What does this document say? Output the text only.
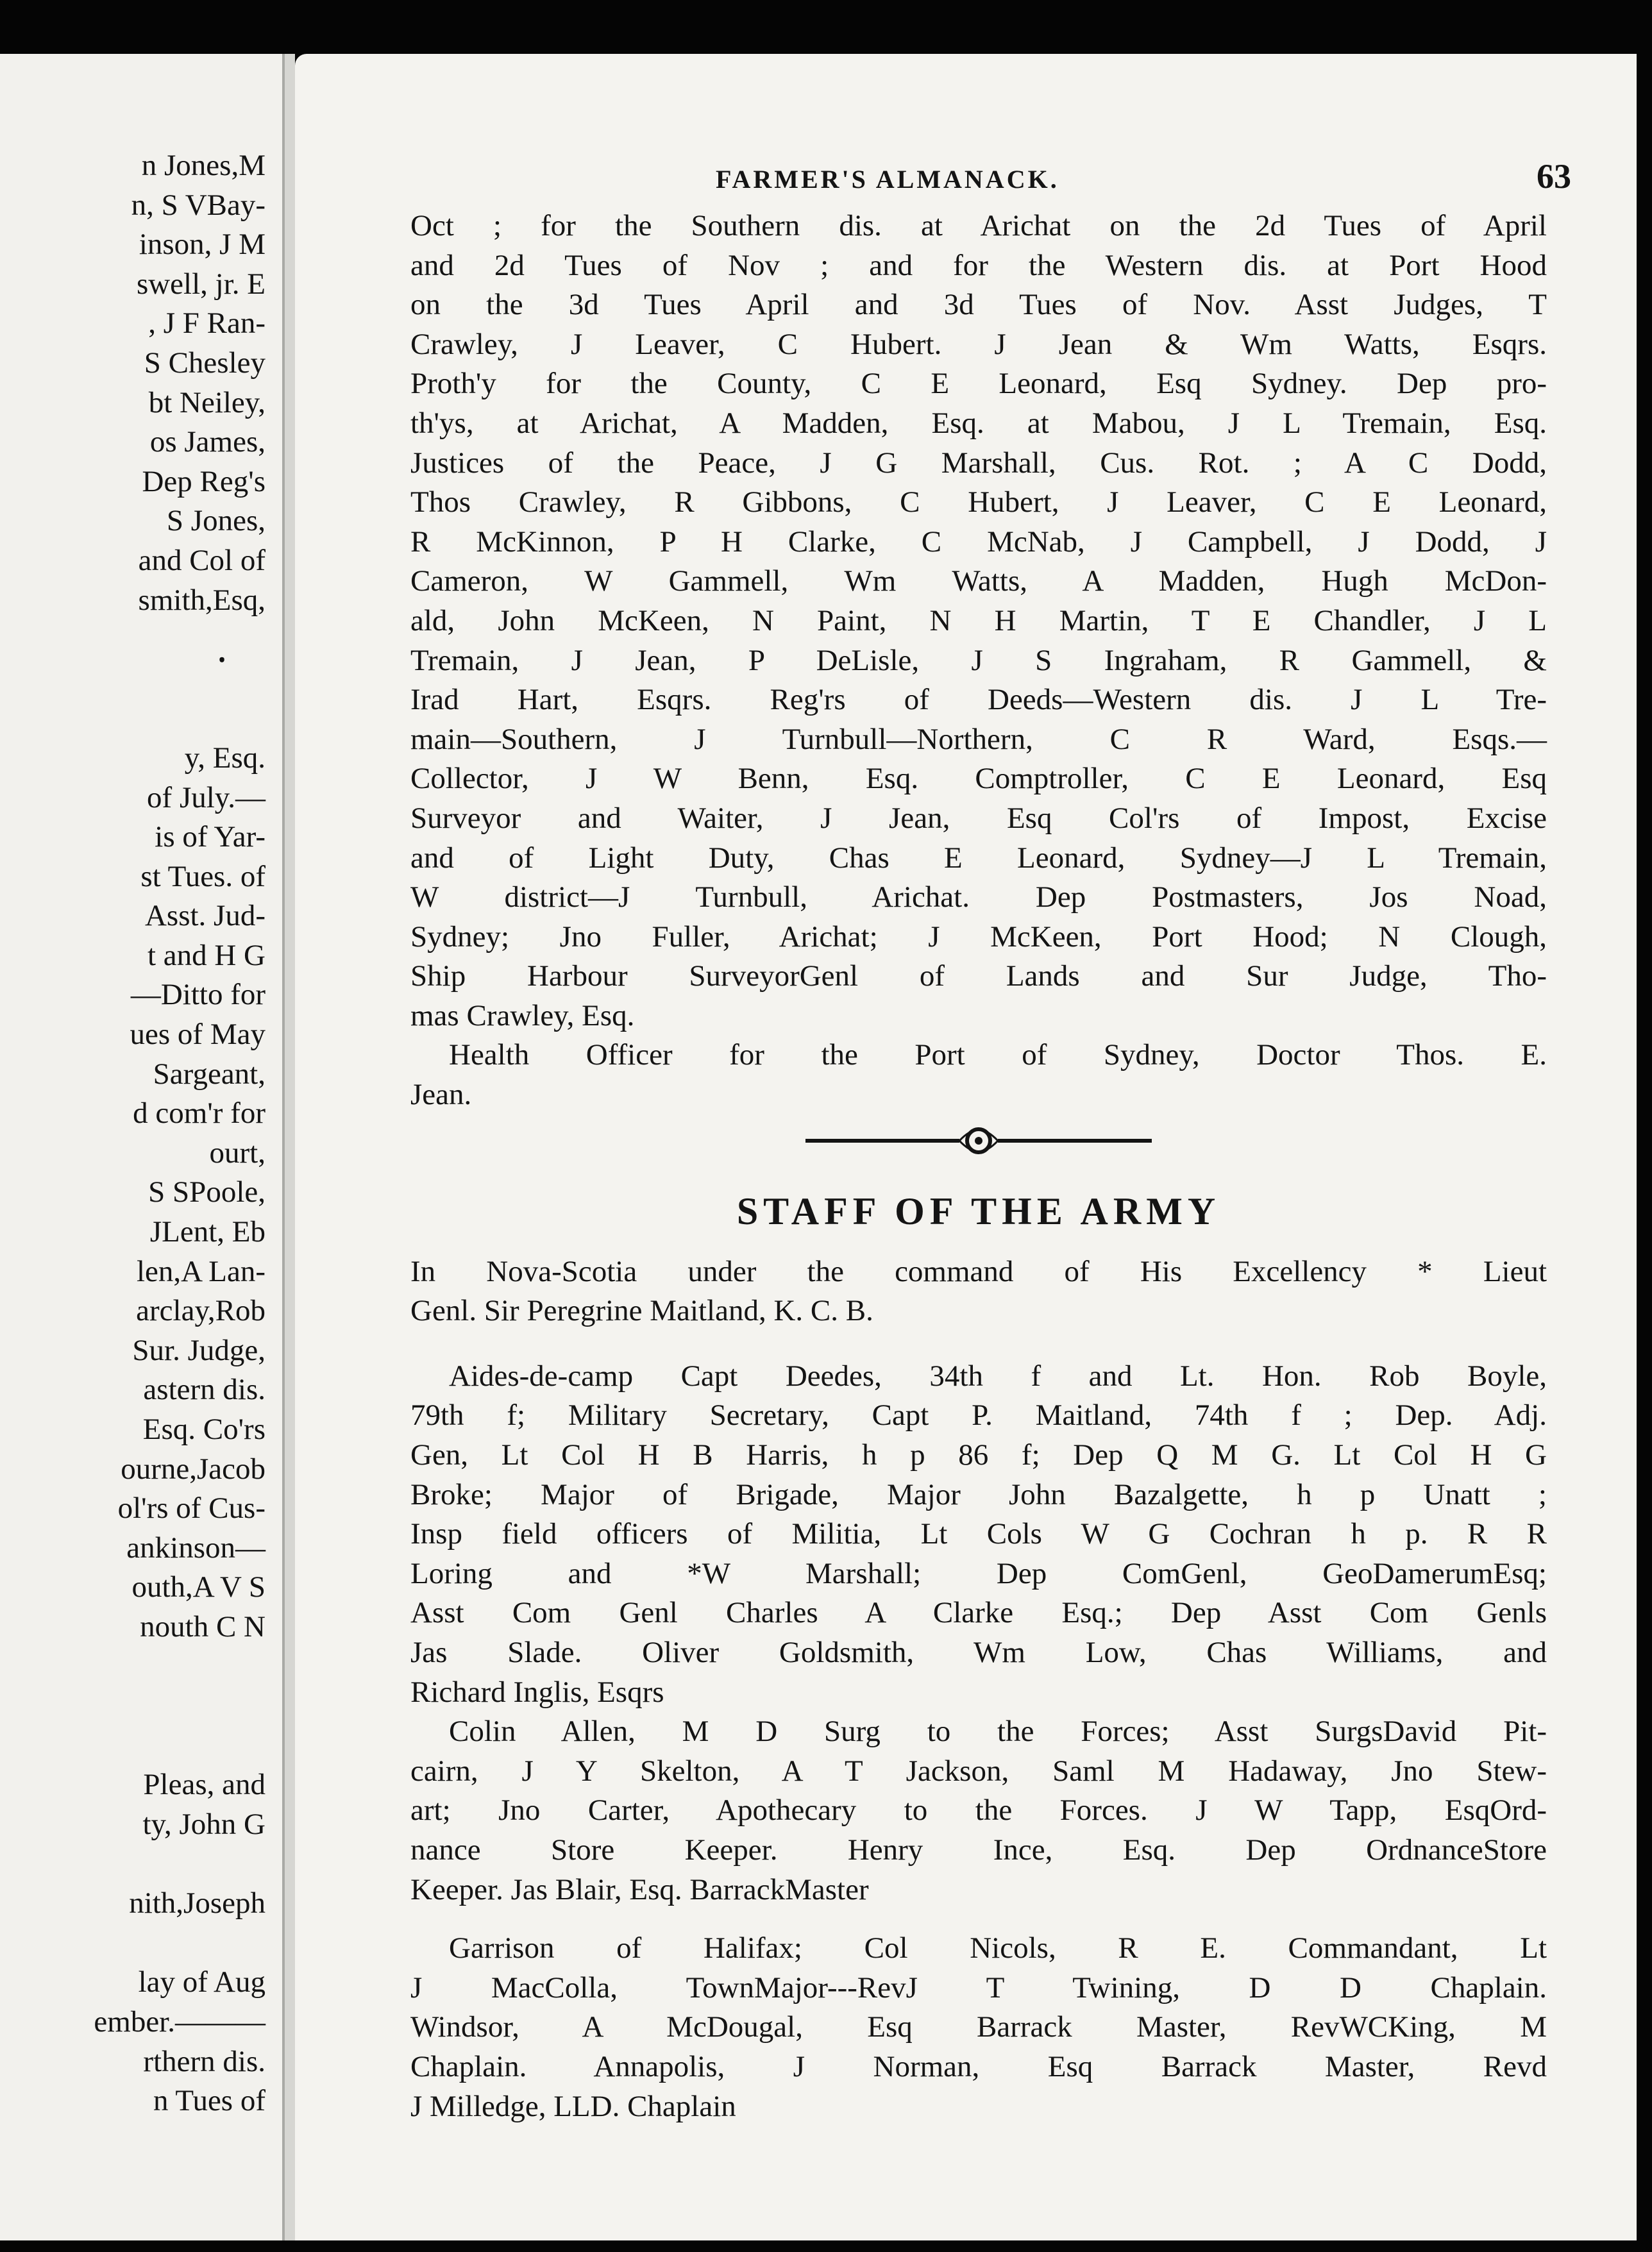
n Jones,M
n, S VBay-
inson, J M
swell, jr. E
, J F Ran-
S Chesley
bt Neiley,
os James,
Dep Reg's
S Jones,
and Col of
smith,Esq,
y, Esq.
of July.—
is of Yar-
st Tues. of
Asst. Jud-
t and H G
—Ditto for
ues of May
Sargeant,
d com'r for
ourt,
S SPoole,
JLent, Eb
len,A Lan-
arclay,Rob
Sur. Judge,
astern dis.
Esq. Co'rs
ourne,Jacob
ol'rs of Cus-
ankinson—
outh,A V S
nouth C N
Pleas, and
ty, John G
nith,Joseph
lay of Aug
ember.———
rthern dis.
n Tues of
⸱
FARMER'S ALMANACK.	63
Oct ; for the Southern dis. at Arichat on the 2d Tues of April
and 2d Tues of Nov ; and for the Western dis. at Port Hood
on the 3d Tues April and 3d Tues of Nov. Asst Judges, T
Crawley, J Leaver, C Hubert. J Jean & Wm Watts, Esqrs.
Proth'y for the County, C E Leonard, Esq Sydney. Dep pro-
th'ys, at Arichat, A Madden, Esq. at Mabou, J L Tremain, Esq.
Justices of the Peace, J G Marshall, Cus. Rot. ; A C Dodd,
Thos Crawley, R Gibbons, C Hubert, J Leaver, C E Leonard,
R McKinnon, P H Clarke, C McNab, J Campbell, J Dodd, J
Cameron, W Gammell, Wm Watts, A Madden, Hugh McDon-
ald, John McKeen, N Paint, N H Martin, T E Chandler, J L
Tremain, J Jean, P DeLisle, J S Ingraham, R Gammell, &
Irad Hart, Esqrs. Reg'rs of Deeds—Western dis. J L Tre-
main—Southern, J Turnbull—Northern, C R Ward, Esqs.—
Collector, J W Benn, Esq. Comptroller, C E Leonard, Esq
Surveyor and Waiter, J Jean, Esq Col'rs of Impost, Excise
and of Light Duty, Chas E Leonard, Sydney—J L Tremain,
W district—J Turnbull, Arichat. Dep Postmasters, Jos Noad,
Sydney; Jno Fuller, Arichat; J McKeen, Port Hood; N Clough,
Ship Harbour SurveyorGenl of Lands and Sur Judge, Tho-
mas Crawley, Esq.
Health Officer for the Port of Sydney, Doctor Thos. E.
Jean.
STAFF OF THE ARMY
In Nova-Scotia under the command of His Excellency * Lieut
Genl. Sir Peregrine Maitland, K. C. B.
Aides-de-camp Capt Deedes, 34th f and Lt. Hon. Rob Boyle,
79th f; Military Secretary, Capt P. Maitland, 74th f ; Dep. Adj.
Gen, Lt Col H B Harris, h p 86 f; Dep Q M G. Lt Col H G
Broke; Major of Brigade, Major John Bazalgette, h p Unatt ;
Insp field officers of Militia, Lt Cols W G Cochran h p. R R
Loring and *W Marshall; Dep ComGenl, GeoDamerumEsq;
Asst Com Genl Charles A Clarke Esq.; Dep Asst Com Genls
Jas Slade. Oliver Goldsmith, Wm Low, Chas Williams, and
Richard Inglis, Esqrs
Colin Allen, M D Surg to the Forces; Asst SurgsDavid Pit-
cairn, J Y Skelton, A T Jackson, Saml M Hadaway, Jno Stew-
art; Jno Carter, Apothecary to the Forces. J W Tapp, EsqOrd-
nance Store Keeper. Henry Ince, Esq. Dep OrdnanceStore
Keeper. Jas Blair, Esq. BarrackMaster
Garrison of Halifax; Col Nicols, R E. Commandant, Lt
J MacColla, TownMajor---RevJ T Twining, D D Chaplain.
Windsor, A McDougal, Esq Barrack Master, RevWCKing, M
Chaplain. Annapolis, J Norman, Esq Barrack Master, Revd
J Milledge, LLD. Chaplain
